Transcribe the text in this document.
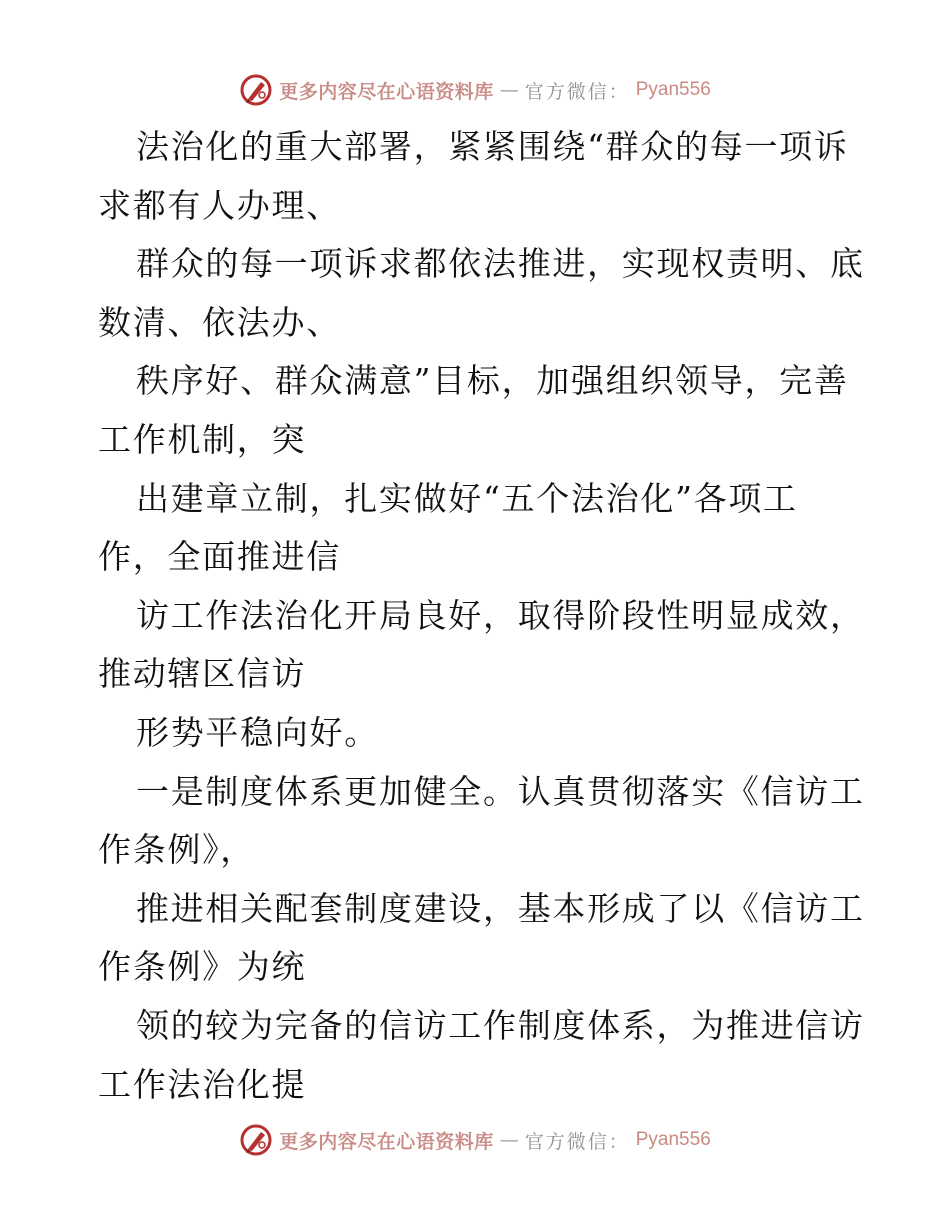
更多内容尽在心语资料库 — 官方微信： Pyan556
法治化的重大部署，紧紧围绕“群众的每一项诉
求都有人办理、
群众的每一项诉求都依法推进，实现权责明、底
数清、依法办、
秩序好、群众满意”目标，加强组织领导，完善
工作机制，突
出建章立制，扎实做好“五个法治化”各项工
作，全面推进信
访工作法治化开局良好，取得阶段性明显成效，
推动辖区信访
形势平稳向好。
一是制度体系更加健全。认真贯彻落实《信访工
作条例》，
推进相关配套制度建设，基本形成了以《信访工
作条例》为统
领的较为完备的信访工作制度体系，为推进信访
工作法治化提
更多内容尽在心语资料库 — 官方微信： Pyan556
